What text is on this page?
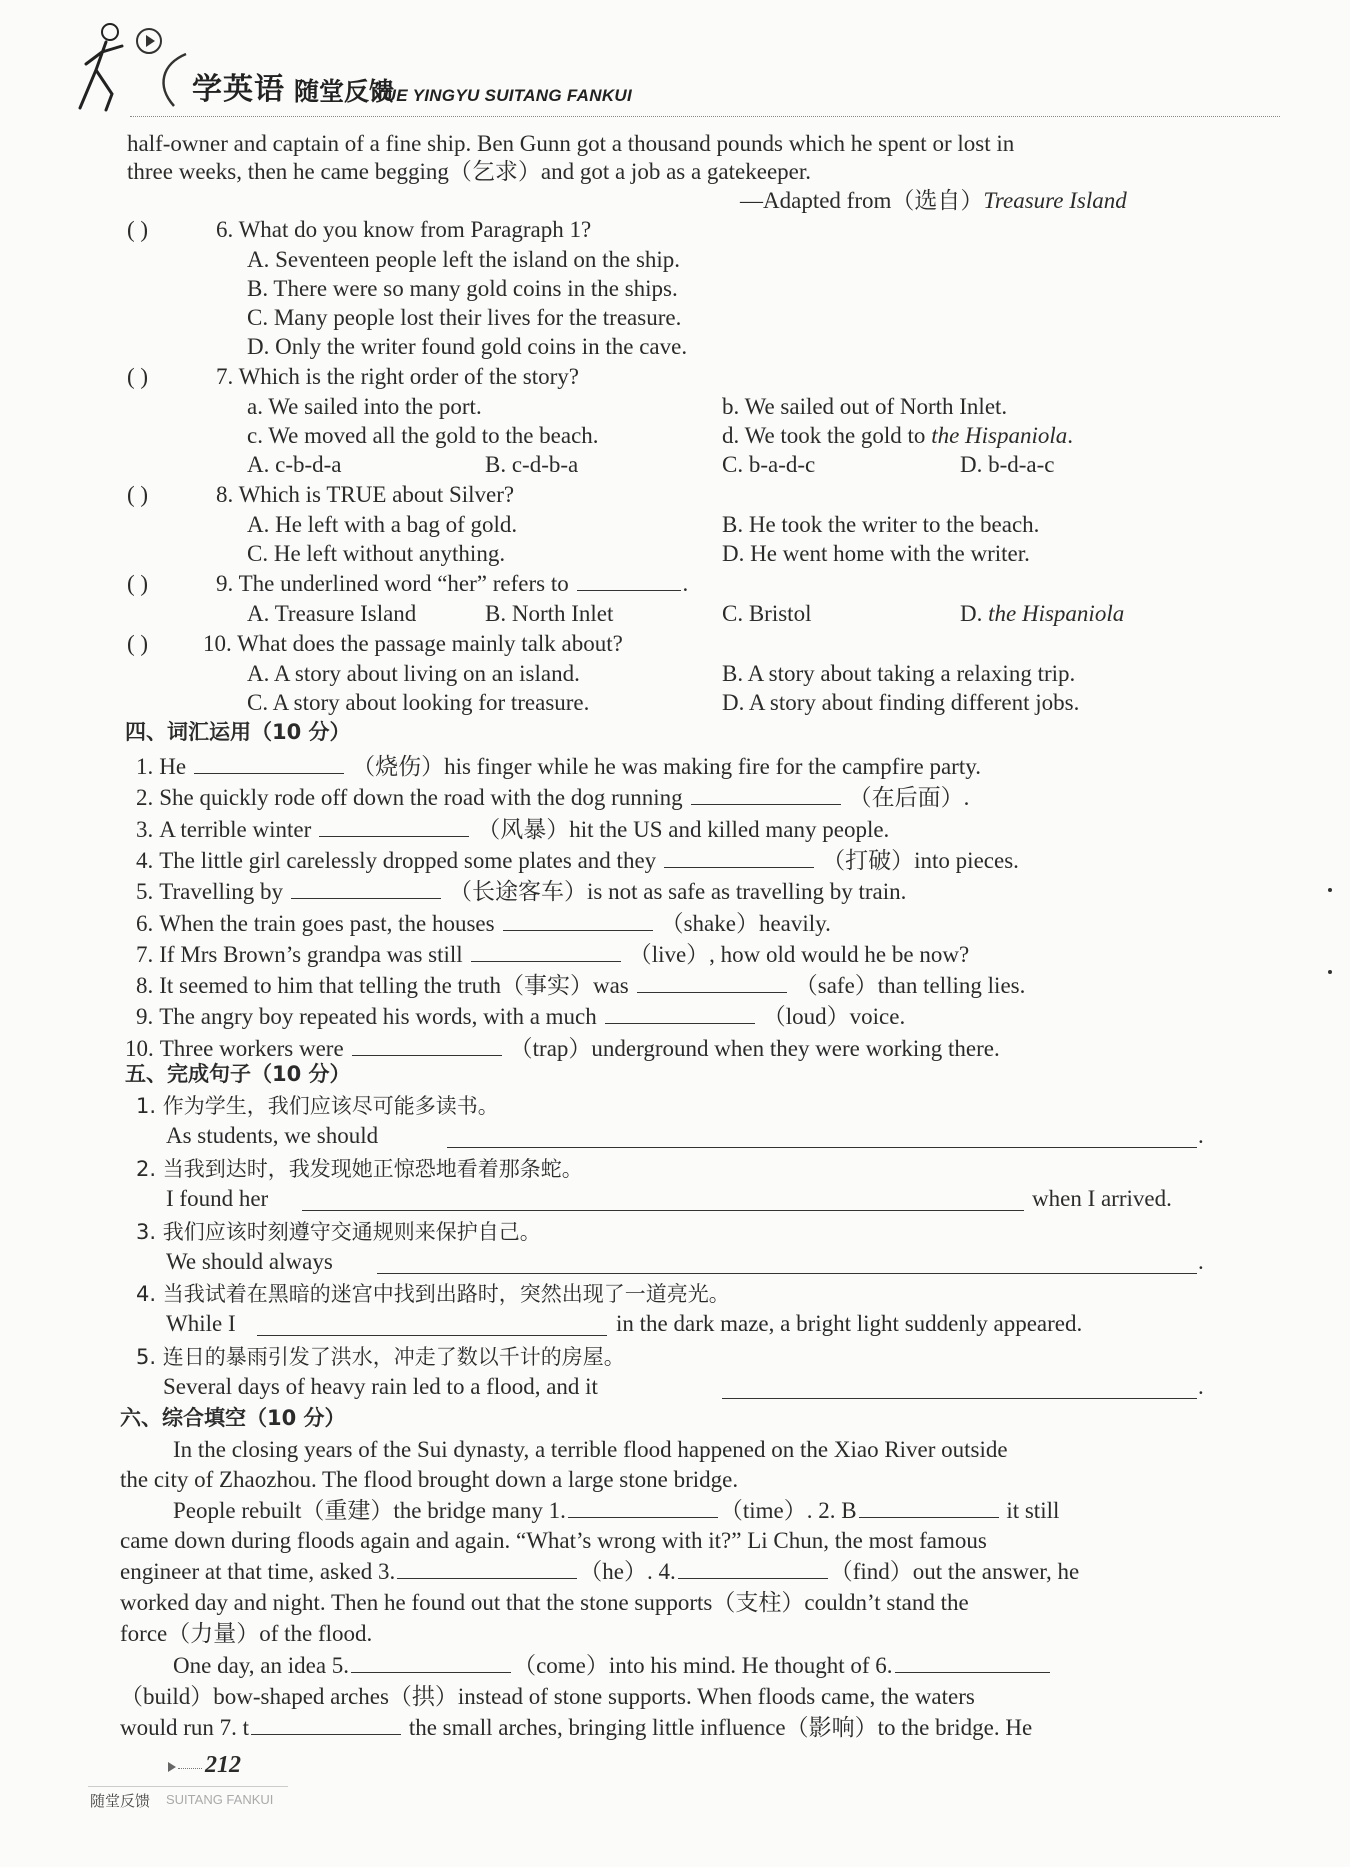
学英语 随堂反馈
XUE YINGYU SUITANG FANKUI
half-owner and captain of a fine ship. Ben Gunn got a thousand pounds which he spent or lost in
three weeks, then he came begging（乞求）and got a job as a gatekeeper.
—Adapted from（选自）Treasure Island
( )	6. What do you know from Paragraph 1?
A. Seventeen people left the island on the ship.
B. There were so many gold coins in the ships.
C. Many people lost their lives for the treasure.
D. Only the writer found gold coins in the cave.
( )	7. Which is the right order of the story?
a. We sailed into the port.	b. We sailed out of North Inlet.
c. We moved all the gold to the beach.	d. We took the gold to the Hispaniola.
A. c-b-d-a	B. c-d-b-a	C. b-a-d-c	D. b-d-a-c
( )	8. Which is TRUE about Silver?
A. He left with a bag of gold.	B. He took the writer to the beach.
C. He left without anything.	D. He went home with the writer.
( )	9. The underlined word “her” refers to	.
A. Treasure Island	B. North Inlet	C. Bristol	D. the Hispaniola
( ) 10. What does the passage mainly talk about?
A. A story about living on an island.	B. A story about taking a relaxing trip.
C. A story about looking for treasure.	D. A story about finding different jobs.
四、词汇运用（10 分）
1. He	（烧伤）his finger while he was making fire for the campfire party.
2. She quickly rode off down the road with the dog running	（在后面）.
3. A terrible winter	（风暴）hit the US and killed many people.
4. The little girl carelessly dropped some plates and they	（打破）into pieces.
5. Travelling by	（长途客车）is not as safe as travelling by train.
6. When the train goes past, the houses	（shake）heavily.
7. If Mrs Brown’s grandpa was still	（live）, how old would he be now?
8. It seemed to him that telling the truth（事实）was	（safe）than telling lies.
9. The angry boy repeated his words, with a much	（loud）voice.
10. Three workers were	（trap）underground when they were working there.
五、完成句子（10 分）
1. 作为学生，我们应该尽可能多读书。
As students, we should	.
2. 当我到达时，我发现她正惊恐地看着那条蛇。
I found her	when I arrived.
3. 我们应该时刻遵守交通规则来保护自己。
We should always	.
4. 当我试着在黑暗的迷宫中找到出路时，突然出现了一道亮光。
While I	in the dark maze, a bright light suddenly appeared.
5. 连日的暴雨引发了洪水，冲走了数以千计的房屋。
Several days of heavy rain led to a flood, and it	.
六、综合填空（10 分）
In the closing years of the Sui dynasty, a terrible flood happened on the Xiao River outside
the city of Zhaozhou. The flood brought down a large stone bridge.
People rebuilt（重建）the bridge many 1.	（time）. 2. B	it still
came down during floods again and again. “What’s wrong with it?” Li Chun, the most famous
engineer at that time, asked 3.	（he）. 4.	（find）out the answer, he
worked day and night. Then he found out that the stone supports（支柱）couldn’t stand the
force（力量）of the flood.
One day, an idea 5.	（come）into his mind. He thought of 6.
（build）bow-shaped arches（拱）instead of stone supports. When floods came, the waters
would run 7. t	the small arches, bringing little influence（影响）to the bridge. He
212
随堂反馈 SUITANG FANKUI
